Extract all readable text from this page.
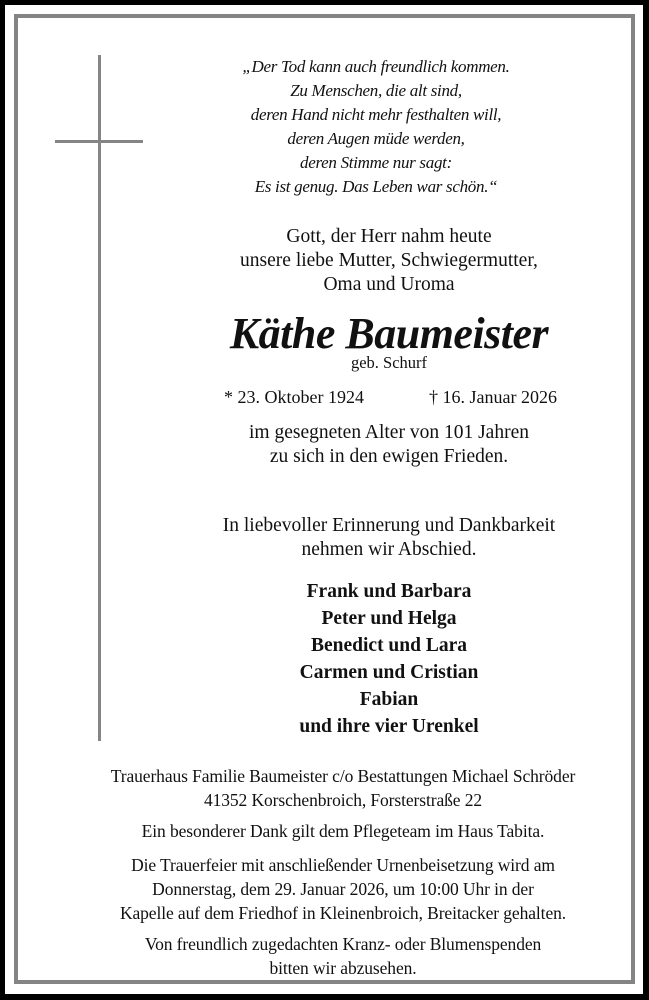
„Der Tod kann auch freundlich kommen.
Zu Menschen, die alt sind,
deren Hand nicht mehr festhalten will,
deren Augen müde werden,
deren Stimme nur sagt:
Es ist genug. Das Leben war schön.“
Gott, der Herr nahm heute
unsere liebe Mutter, Schwiegermutter,
Oma und Uroma
Käthe Baumeister
geb. Schurf
* 23. Oktober 1924	† 16. Januar 2026
im gesegneten Alter von 101 Jahren
zu sich in den ewigen Frieden.
In liebevoller Erinnerung und Dankbarkeit
nehmen wir Abschied.
Frank und Barbara
Peter und Helga
Benedict und Lara
Carmen und Cristian
Fabian
und ihre vier Urenkel
Trauerhaus Familie Baumeister c/o Bestattungen Michael Schröder
41352 Korschenbroich, Forsterstraße 22
Ein besonderer Dank gilt dem Pflegeteam im Haus Tabita.
Die Trauerfeier mit anschließender Urnenbeisetzung wird am
Donnerstag, dem 29. Januar 2026, um 10:00 Uhr in der
Kapelle auf dem Friedhof in Kleinenbroich, Breitacker gehalten.
Von freundlich zugedachten Kranz- oder Blumenspenden
bitten wir abzusehen.
